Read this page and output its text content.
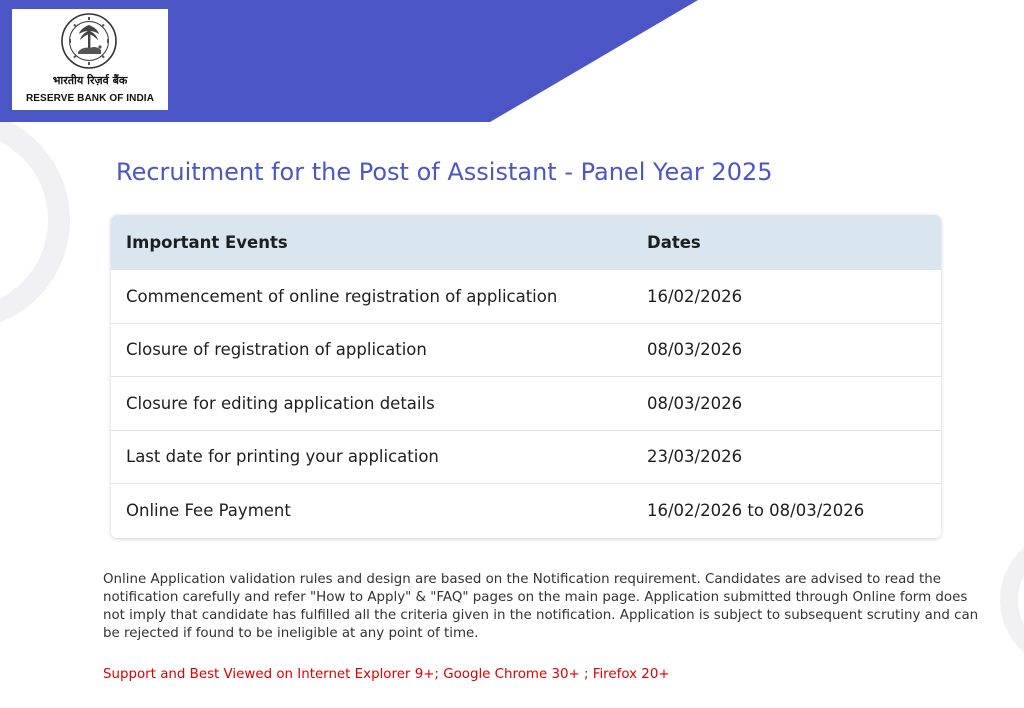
भारतीय रिज़र्व बैंक
RESERVE BANK OF INDIA
Recruitment for the Post of Assistant - Panel Year 2025
Important Events	Dates
Commencement of online registration of application	16/02/2026
Closure of registration of application	08/03/2026
Closure for editing application details	08/03/2026
Last date for printing your application	23/03/2026
Online Fee Payment	16/02/2026 to 08/03/2026

Online Application validation rules and design are based on the Notification requirement. Candidates are advised to read the notification carefully and refer "How to Apply" & "FAQ" pages on the main page. Application submitted through Online form does not imply that candidate has fulfilled all the criteria given in the notification. Application is subject to subsequent scrutiny and can be rejected if found to be ineligible at any point of time.

Support and Best Viewed on Internet Explorer 9+; Google Chrome 30+ ; Firefox 20+
